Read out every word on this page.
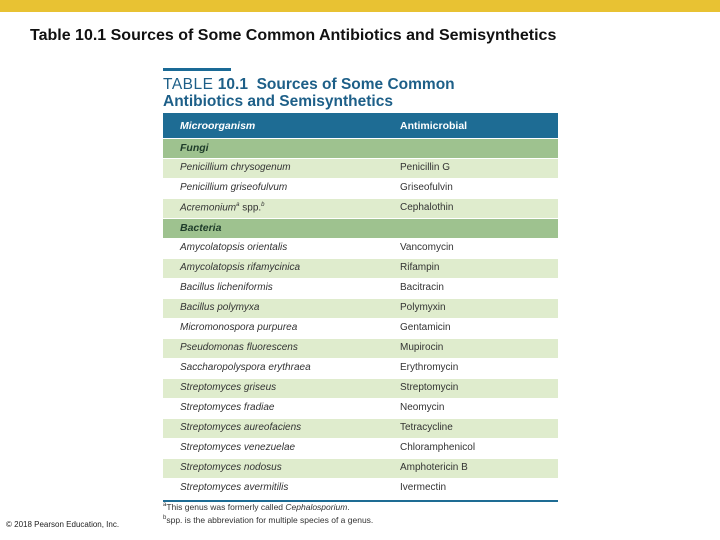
Table 10.1 Sources of Some Common Antibiotics and Semisynthetics
TABLE 10.1 Sources of Some Common
Antibiotics and Semisynthetics
Microorganism	Antimicrobial
Fungi
Penicillium chrysogenum	Penicillin G
Penicillium griseofulvum	Griseofulvin
Acremonium$^a$ spp.$^b$	Cephalothin
Bacteria
Amycolatopsis orientalis	Vancomycin
Amycolatopsis rifamycinica	Rifampin
Bacillus licheniformis	Bacitracin
Bacillus polymyxa	Polymyxin
Micromonospora purpurea	Gentamicin
Pseudomonas fluorescens	Mupirocin
Saccharopolyspora erythraea	Erythromycin
Streptomyces griseus	Streptomycin
Streptomyces fradiae	Neomycin
Streptomyces aureofaciens	Tetracycline
Streptomyces venezuelae	Chloramphenicol
Streptomyces nodosus	Amphotericin B
Streptomyces avermitilis	Ivermectin
$^a$This genus was formerly called Cephalosporium.
$^b$spp. is the abbreviation for multiple species of a genus.
© 2018 Pearson Education, Inc.
